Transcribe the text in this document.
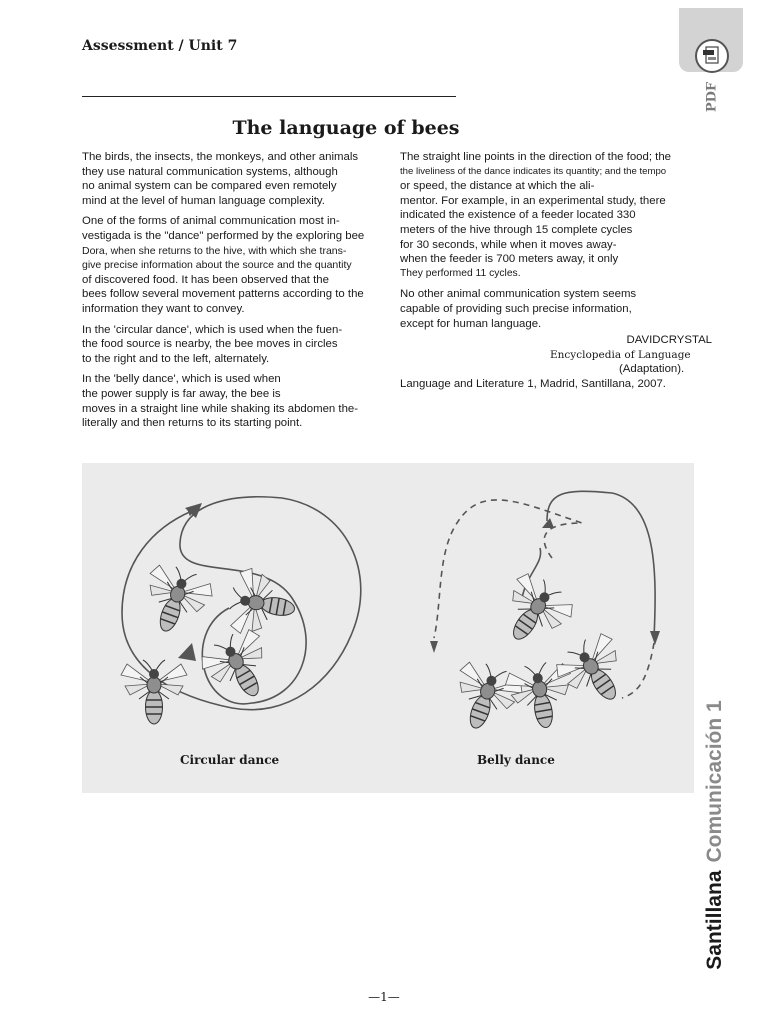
Assessment / Unit 7
The language of bees
PDF

The birds, the insects, the monkeys, and other animals
they use natural communication systems, although
no animal system can be compared even remotely
mind at the level of human language complexity.

One of the forms of animal communication most in-
vestigada is the "dance" performed by the exploring bee
Dora, when she returns to the hive, with which she trans-
give precise information about the source and the quantity
of discovered food. It has been observed that the
bees follow several movement patterns according to the
information they want to convey.

In the 'circular dance', which is used when the fuen-
the food source is nearby, the bee moves in circles
to the right and to the left, alternately.

In the 'belly dance', which is used when
the power supply is far away, the bee is
moves in a straight line while shaking its abdomen the-
literally and then returns to its starting point.

The straight line points in the direction of the food; the
the liveliness of the dance indicates its quantity; and the tempo
or speed, the distance at which the ali-
mentor. For example, in an experimental study, there
indicated the existence of a feeder located 330
meters of the hive through 15 complete cycles
for 30 seconds, while when it moves away-
when the feeder is 700 meters away, it only
They performed 11 cycles.

No other animal communication system seems
capable of providing such precise information,
except for human language.

DAVIDCRYSTAL
Encyclopedia of Language
(Adaptation).
Language and Literature 1, Madrid, Santillana, 2007.
Circular dance	Belly dance
SantillanaComunicación 1
—1—
